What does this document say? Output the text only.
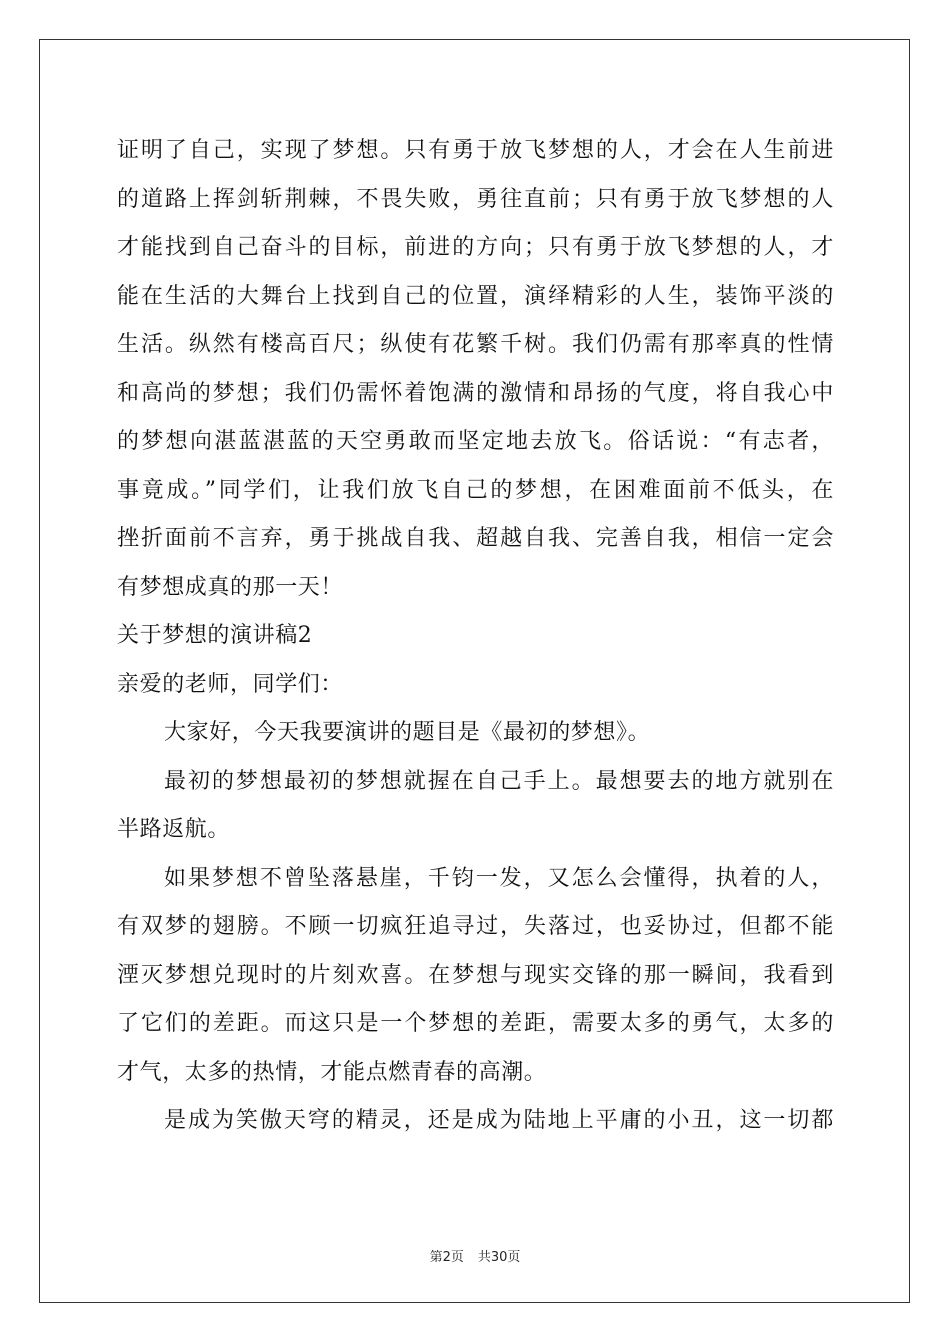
证明了自己，实现了梦想。只有勇于放飞梦想的人，才会在人生前进
的道路上挥剑斩荆棘，不畏失败，勇往直前；只有勇于放飞梦想的人
才能找到自己奋斗的目标，前进的方向；只有勇于放飞梦想的人，才
能在生活的大舞台上找到自己的位置，演绎精彩的人生，装饰平淡的
生活。纵然有楼高百尺；纵使有花繁千树。我们仍需有那率真的性情
和高尚的梦想；我们仍需怀着饱满的激情和昂扬的气度，将自我心中
的梦想向湛蓝湛蓝的天空勇敢而坚定地去放飞。俗话说：“有志者，
事竟成。”同学们，让我们放飞自己的梦想，在困难面前不低头，在
挫折面前不言弃，勇于挑战自我、超越自我、完善自我，相信一定会
有梦想成真的那一天！
关于梦想的演讲稿2
亲爱的老师，同学们：
大家好，今天我要演讲的题目是《最初的梦想》。
最初的梦想最初的梦想就握在自己手上。最想要去的地方就别在
半路返航。
如果梦想不曾坠落悬崖，千钧一发，又怎么会懂得，执着的人，
有双梦的翅膀。不顾一切疯狂追寻过，失落过，也妥协过，但都不能
湮灭梦想兑现时的片刻欢喜。在梦想与现实交锋的那一瞬间，我看到
了它们的差距。而这只是一个梦想的差距，需要太多的勇气，太多的
才气，太多的热情，才能点燃青春的高潮。
是成为笑傲天穹的精灵，还是成为陆地上平庸的小丑，这一切都
第2页 共30页
